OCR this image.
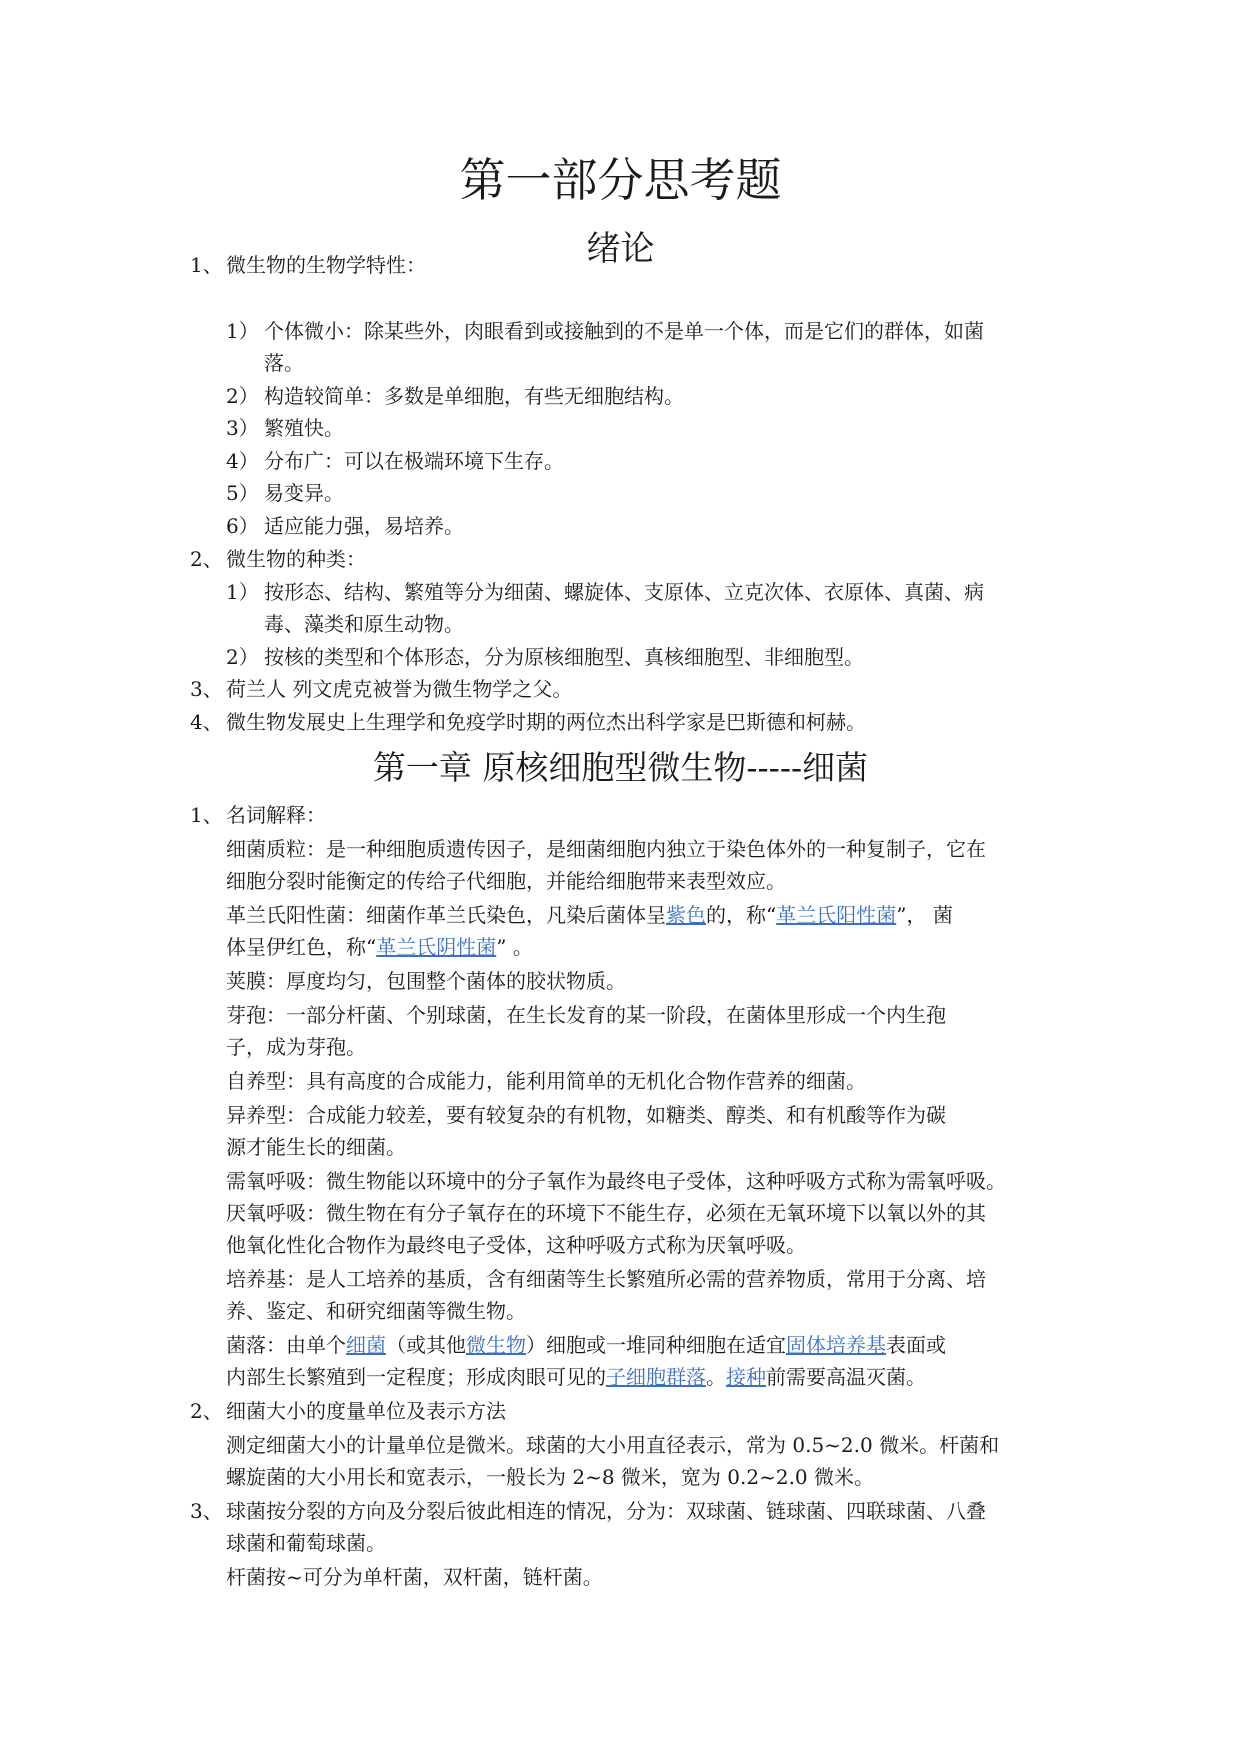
第一部分思考题
绪论
1、 微生物的生物学特性：
1） 个体微小：除某些外，肉眼看到或接触到的不是单一个体，而是它们的群体，如菌
落。
2） 构造较简单：多数是单细胞，有些无细胞结构。
3） 繁殖快。
4） 分布广：可以在极端环境下生存。
5） 易变异。
6） 适应能力强，易培养。
2、 微生物的种类：
1） 按形态、结构、繁殖等分为细菌、螺旋体、支原体、立克次体、衣原体、真菌、病
毒、藻类和原生动物。
2） 按核的类型和个体形态，分为原核细胞型、真核细胞型、非细胞型。
3、 荷兰人 列文虎克被誉为微生物学之父。
4、 微生物发展史上生理学和免疫学时期的两位杰出科学家是巴斯德和柯赫。
第一章 原核细胞型微生物-----细菌
1、 名词解释：
细菌质粒：是一种细胞质遗传因子，是细菌细胞内独立于染色体外的一种复制子，它在
细胞分裂时能衡定的传给子代细胞，并能给细胞带来表型效应。
革兰氏阳性菌：细菌作革兰氏染色，凡染后菌体呈紫色的，称“革兰氏阳性菌”， 菌
体呈伊红色，称“革兰氏阴性菌” 。
荚膜：厚度均匀，包围整个菌体的胶状物质。
芽孢：一部分杆菌、个别球菌，在生长发育的某一阶段，在菌体里形成一个内生孢
子，成为芽孢。
自养型：具有高度的合成能力，能利用简单的无机化合物作营养的细菌。
异养型：合成能力较差，要有较复杂的有机物，如糖类、醇类、和有机酸等作为碳
源才能生长的细菌。
需氧呼吸：微生物能以环境中的分子氧作为最终电子受体，这种呼吸方式称为需氧呼吸。
厌氧呼吸：微生物在有分子氧存在的环境下不能生存，必须在无氧环境下以氧以外的其
他氧化性化合物作为最终电子受体，这种呼吸方式称为厌氧呼吸。
培养基：是人工培养的基质，含有细菌等生长繁殖所必需的营养物质，常用于分离、培
养、鉴定、和研究细菌等微生物。
菌落：由单个细菌（或其他微生物）细胞或一堆同种细胞在适宜固体培养基表面或
内部生长繁殖到一定程度；形成肉眼可见的子细胞群落。接种前需要高温灭菌。
2、 细菌大小的度量单位及表示方法
测定细菌大小的计量单位是微米。球菌的大小用直径表示，常为 0.5~2.0 微米。杆菌和
螺旋菌的大小用长和宽表示，一般长为 2~8 微米，宽为 0.2~2.0 微米。
3、 球菌按分裂的方向及分裂后彼此相连的情况，分为：双球菌、链球菌、四联球菌、八叠
球菌和葡萄球菌。
杆菌按~可分为单杆菌，双杆菌，链杆菌。
